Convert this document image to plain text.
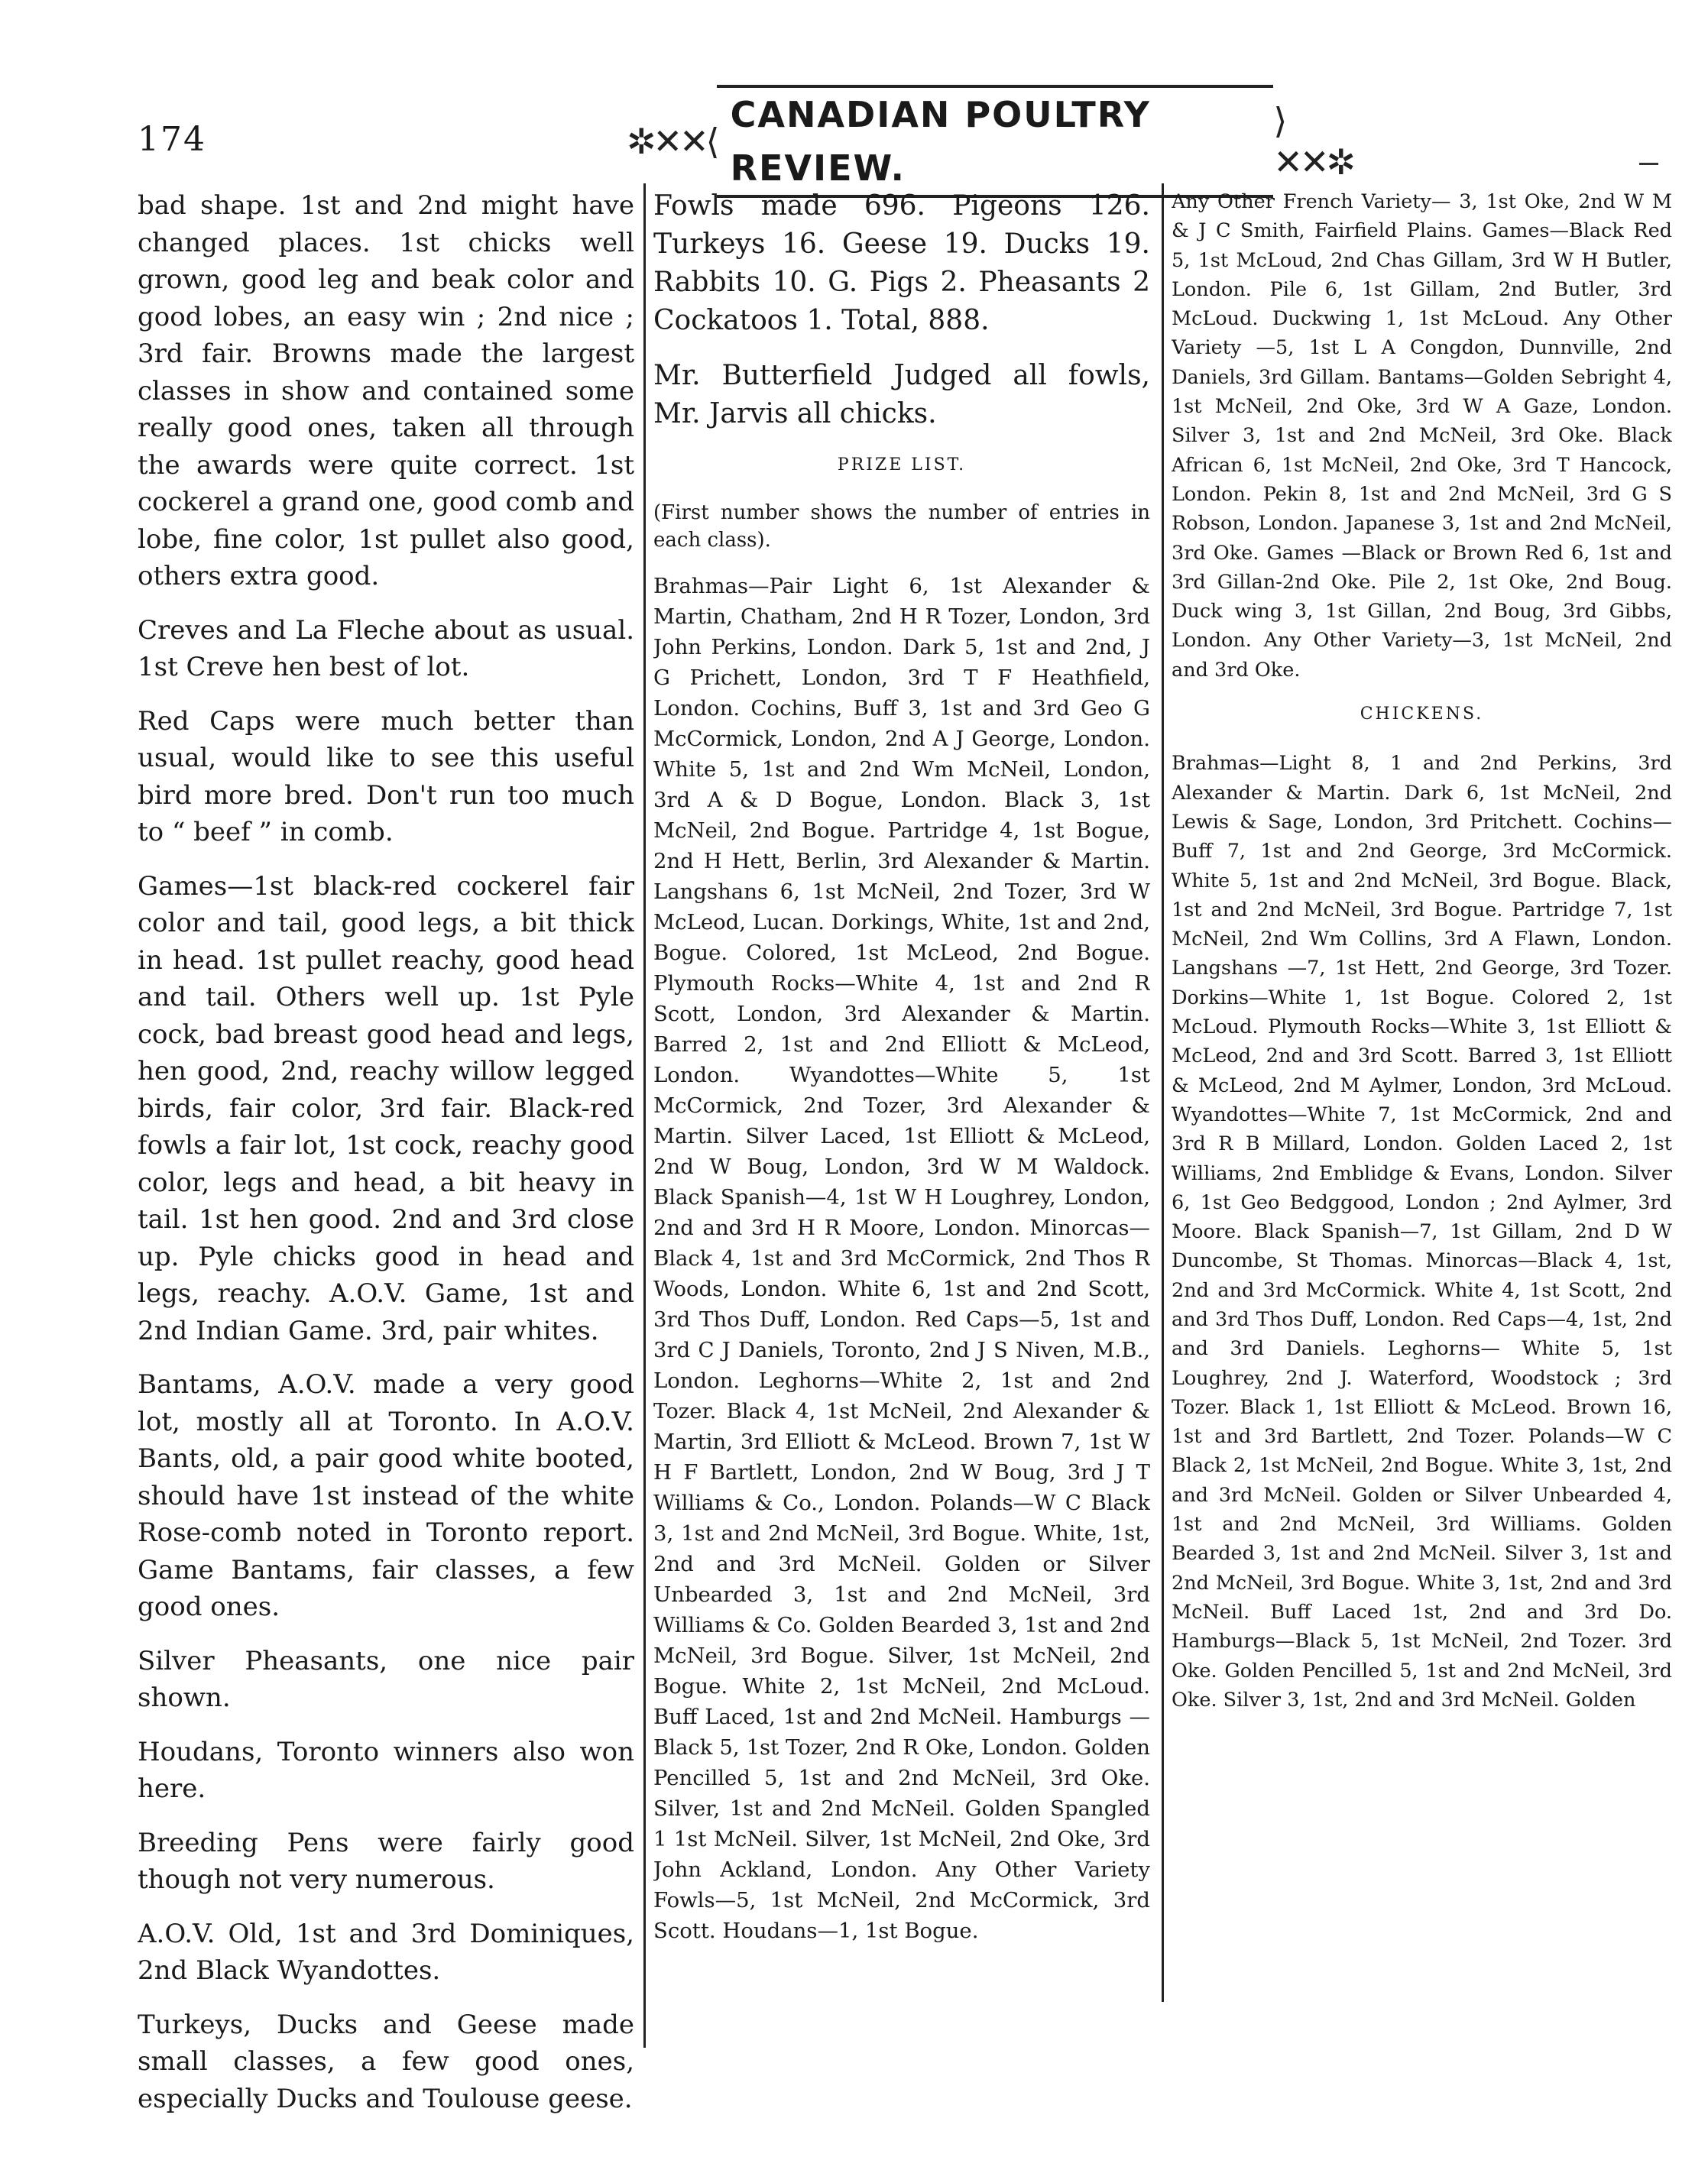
174	✲✕✕⟨
CANADIAN POULTRY REVIEW.
⟩✕✕✲

bad shape. 1st and 2nd might have changed places. 1st chicks well grown, good leg and beak color and good lobes, an easy win ; 2nd nice ; 3rd fair. Browns made the largest classes in show and contained some really good ones, taken all through the awards were quite correct. 1st cockerel a grand one, good comb and lobe, fine color, 1st pullet also good, others extra good.

Creves and La Fleche about as usual. 1st Creve hen best of lot.

Red Caps were much better than usual, would like to see this useful bird more bred. Don't run too much to “ beef ” in comb.

Games—1st black-red cockerel fair color and tail, good legs, a bit thick in head. 1st pullet reachy, good head and tail. Others well up. 1st Pyle cock, bad breast good head and legs, hen good, 2nd, reachy willow legged birds, fair color, 3rd fair. Black-red fowls a fair lot, 1st cock, reachy good color, legs and head, a bit heavy in tail. 1st hen good. 2nd and 3rd close up. Pyle chicks good in head and legs, reachy. A.O.V. Game, 1st and 2nd Indian Game. 3rd, pair whites.

Bantams, A.O.V. made a very good lot, mostly all at Toronto. In A.O.V. Bants, old, a pair good white booted, should have 1st instead of the white Rose-comb noted in Toronto report. Game Bantams, fair classes, a few good ones.

Silver Pheasants, one nice pair shown.

Houdans, Toronto winners also won here.

Breeding Pens were fairly good though not very numerous.

A.O.V. Old, 1st and 3rd Dominiques, 2nd Black Wyandottes.

Turkeys, Ducks and Geese made small classes, a few good ones, especially Ducks and Toulouse geese.

Fowls made 696. Pigeons 126. Turkeys 16. Geese 19. Ducks 19. Rabbits 10. G. Pigs 2. Pheasants 2 Cockatoos 1. Total, 888.

Mr. Butterfield Judged all fowls, Mr. Jarvis all chicks.

PRIZE LIST.

(First number shows the number of entries in each class).

Brahmas—Pair Light 6, 1st Alexander & Martin, Chatham, 2nd H R Tozer, London, 3rd John Perkins, London. Dark 5, 1st and 2nd, J G Prichett, London, 3rd T F Heathfield, London. Cochins, Buff 3, 1st and 3rd Geo G McCormick, London, 2nd A J George, London. White 5, 1st and 2nd Wm McNeil, London, 3rd A & D Bogue, London. Black 3, 1st McNeil, 2nd Bogue. Partridge 4, 1st Bogue, 2nd H Hett, Berlin, 3rd Alexander & Martin. Langshans 6, 1st McNeil, 2nd Tozer, 3rd W McLeod, Lucan. Dorkings, White, 1st and 2nd, Bogue. Colored, 1st McLeod, 2nd Bogue. Plymouth Rocks—White 4, 1st and 2nd R Scott, London, 3rd Alexander & Martin. Barred 2, 1st and 2nd Elliott & McLeod, London. Wyandottes—White 5, 1st McCormick, 2nd Tozer, 3rd Alexander & Martin. Silver Laced, 1st Elliott & McLeod, 2nd W Boug, London, 3rd W M Waldock. Black Spanish—4, 1st W H Loughrey, London, 2nd and 3rd H R Moore, London. Minorcas—Black 4, 1st and 3rd McCormick, 2nd Thos R Woods, London. White 6, 1st and 2nd Scott, 3rd Thos Duff, London. Red Caps—5, 1st and 3rd C J Daniels, Toronto, 2nd J S Niven, M.B., London. Leghorns—White 2, 1st and 2nd Tozer. Black 4, 1st McNeil, 2nd Alexander & Martin, 3rd Elliott & McLeod. Brown 7, 1st W H F Bartlett, London, 2nd W Boug, 3rd J T Williams & Co., London. Polands—W C Black 3, 1st and 2nd McNeil, 3rd Bogue. White, 1st, 2nd and 3rd McNeil. Golden or Silver Unbearded 3, 1st and 2nd McNeil, 3rd Williams & Co. Golden Bearded 3, 1st and 2nd McNeil, 3rd Bogue. Silver, 1st McNeil, 2nd Bogue. White 2, 1st McNeil, 2nd McLoud. Buff Laced, 1st and 2nd McNeil. Hamburgs — Black 5, 1st Tozer, 2nd R Oke, London. Golden Pencilled 5, 1st and 2nd McNeil, 3rd Oke. Silver, 1st and 2nd McNeil. Golden Spangled 1 1st McNeil. Silver, 1st McNeil, 2nd Oke, 3rd John Ackland, London. Any Other Variety Fowls—5, 1st McNeil, 2nd McCormick, 3rd Scott. Houdans—1, 1st Bogue.

Any Other French Variety— 3, 1st Oke, 2nd W M & J C Smith, Fairfield Plains. Games—Black Red 5, 1st McLoud, 2nd Chas Gillam, 3rd W H Butler, London. Pile 6, 1st Gillam, 2nd Butler, 3rd McLoud. Duckwing 1, 1st McLoud. Any Other Variety —5, 1st L A Congdon, Dunnville, 2nd Daniels, 3rd Gillam. Bantams—Golden Sebright 4, 1st McNeil, 2nd Oke, 3rd W A Gaze, London. Silver 3, 1st and 2nd McNeil, 3rd Oke. Black African 6, 1st McNeil, 2nd Oke, 3rd T Hancock, London. Pekin 8, 1st and 2nd McNeil, 3rd G S Robson, London. Japanese 3, 1st and 2nd McNeil, 3rd Oke. Games —Black or Brown Red 6, 1st and 3rd Gillan-2nd Oke. Pile 2, 1st Oke, 2nd Boug. Duck wing 3, 1st Gillan, 2nd Boug, 3rd Gibbs, London. Any Other Variety—3, 1st McNeil, 2nd and 3rd Oke.

CHICKENS.

Brahmas—Light 8, 1 and 2nd Perkins, 3rd Alexander & Martin. Dark 6, 1st McNeil, 2nd Lewis & Sage, London, 3rd Pritchett. Cochins—Buff 7, 1st and 2nd George, 3rd McCormick. White 5, 1st and 2nd McNeil, 3rd Bogue. Black, 1st and 2nd McNeil, 3rd Bogue. Partridge 7, 1st McNeil, 2nd Wm Collins, 3rd A Flawn, London. Langshans —7, 1st Hett, 2nd George, 3rd Tozer. Dorkins—White 1, 1st Bogue. Colored 2, 1st McLoud. Plymouth Rocks—White 3, 1st Elliott & McLeod, 2nd and 3rd Scott. Barred 3, 1st Elliott & McLeod, 2nd M Aylmer, London, 3rd McLoud. Wyandottes—White 7, 1st McCormick, 2nd and 3rd R B Millard, London. Golden Laced 2, 1st Williams, 2nd Emblidge & Evans, London. Silver 6, 1st Geo Bedggood, London ; 2nd Aylmer, 3rd Moore. Black Spanish—7, 1st Gillam, 2nd D W Duncombe, St Thomas. Minorcas—Black 4, 1st, 2nd and 3rd McCormick. White 4, 1st Scott, 2nd and 3rd Thos Duff, London. Red Caps—4, 1st, 2nd and 3rd Daniels. Leghorns— White 5, 1st Loughrey, 2nd J. Waterford, Woodstock ; 3rd Tozer. Black 1, 1st Elliott & McLeod. Brown 16, 1st and 3rd Bartlett, 2nd Tozer. Polands—W C Black 2, 1st McNeil, 2nd Bogue. White 3, 1st, 2nd and 3rd McNeil. Golden or Silver Unbearded 4, 1st and 2nd McNeil, 3rd Williams. Golden Bearded 3, 1st and 2nd McNeil. Silver 3, 1st and 2nd McNeil, 3rd Bogue. White 3, 1st, 2nd and 3rd McNeil. Buff Laced 1st, 2nd and 3rd Do. Hamburgs—Black 5, 1st McNeil, 2nd Tozer. 3rd Oke. Golden Pencilled 5, 1st and 2nd McNeil, 3rd Oke. Silver 3, 1st, 2nd and 3rd McNeil. Golden
